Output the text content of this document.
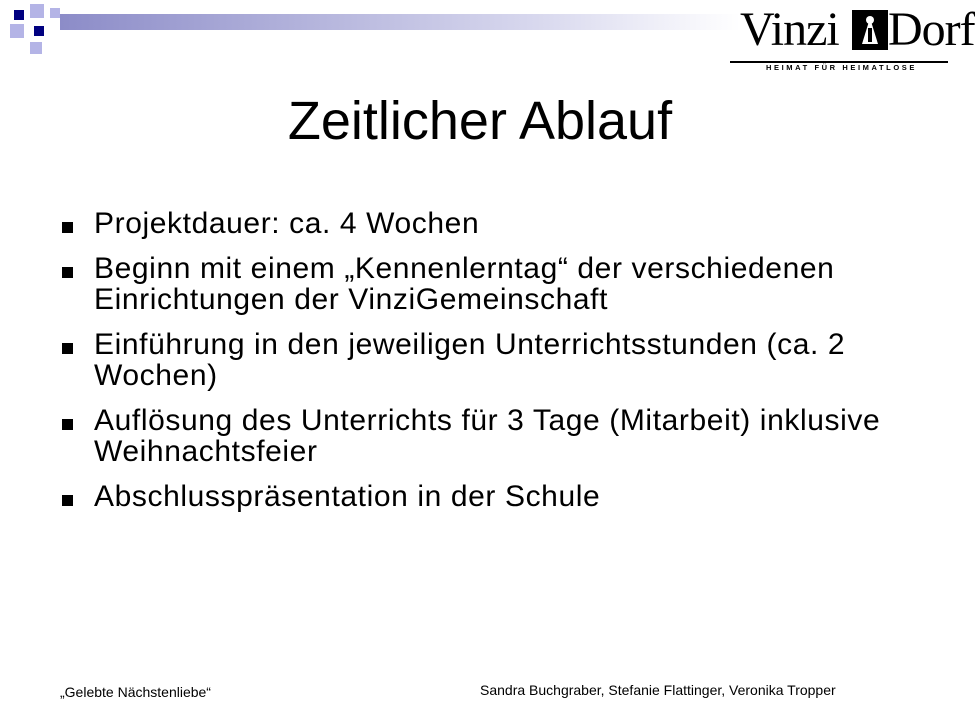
Vinzi Dorf
HEIMAT FÜR HEIMATLOSE
Zeitlicher Ablauf
Projektdauer: ca. 4 Wochen
Beginn mit einem „Kennenlerntag“ der verschiedenen Einrichtungen der VinziGemeinschaft
Einführung in den jeweiligen Unterrichtsstunden (ca. 2 Wochen)
Auflösung des Unterrichts für 3 Tage (Mitarbeit) inklusive Weihnachtsfeier
Abschlusspräsentation in der Schule
„Gelebte Nächstenliebe“	Sandra Buchgraber, Stefanie Flattinger, Veronika Tropper
